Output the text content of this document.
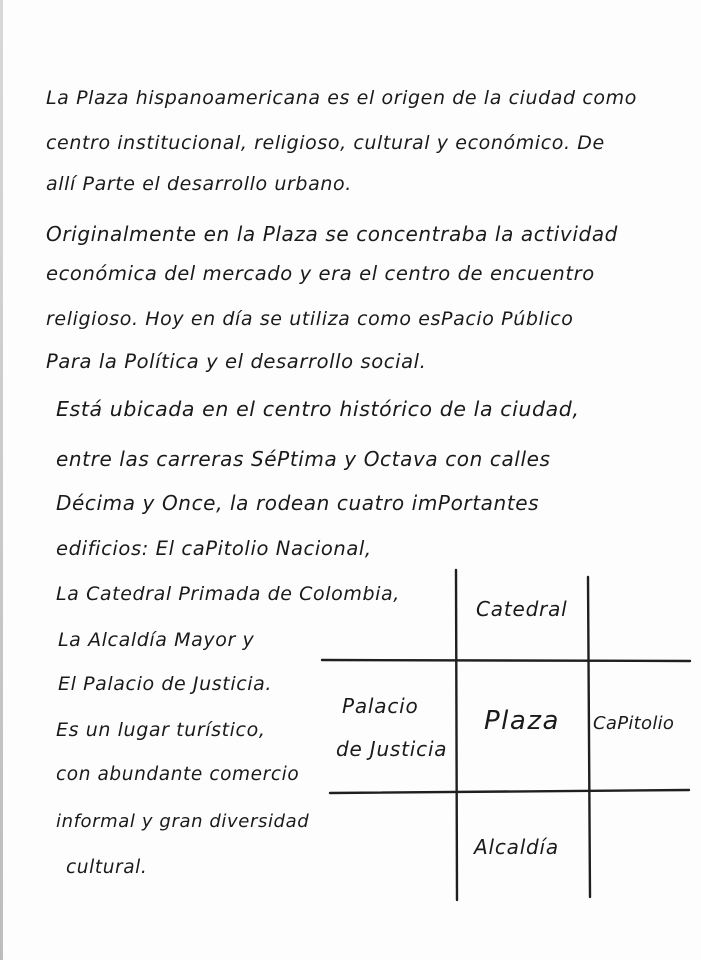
La Plaza hispanoamericana es el origen de la ciudad como
centro institucional, religioso, cultural y económico. De
allí Parte el desarrollo urbano.
Originalmente en la Plaza se concentraba la actividad
económica del mercado y era el centro de encuentro
religioso. Hoy en día se utiliza como esPacio Público
Para la Política y el desarrollo social.
Está ubicada en el centro histórico de la ciudad,
entre las carreras SéPtima y Octava con calles
Décima y Once, la rodean cuatro imPortantes
edificios: El caPitolio Nacional,
La Catedral Primada de Colombia,
La Alcaldía Mayor y
El Palacio de Justicia.
Es un lugar turístico,
con abundante comercio
informal y gran diversidad
cultural.
Catedral
Palacio
de Justicia
Plaza CaPitolio
Alcaldía
